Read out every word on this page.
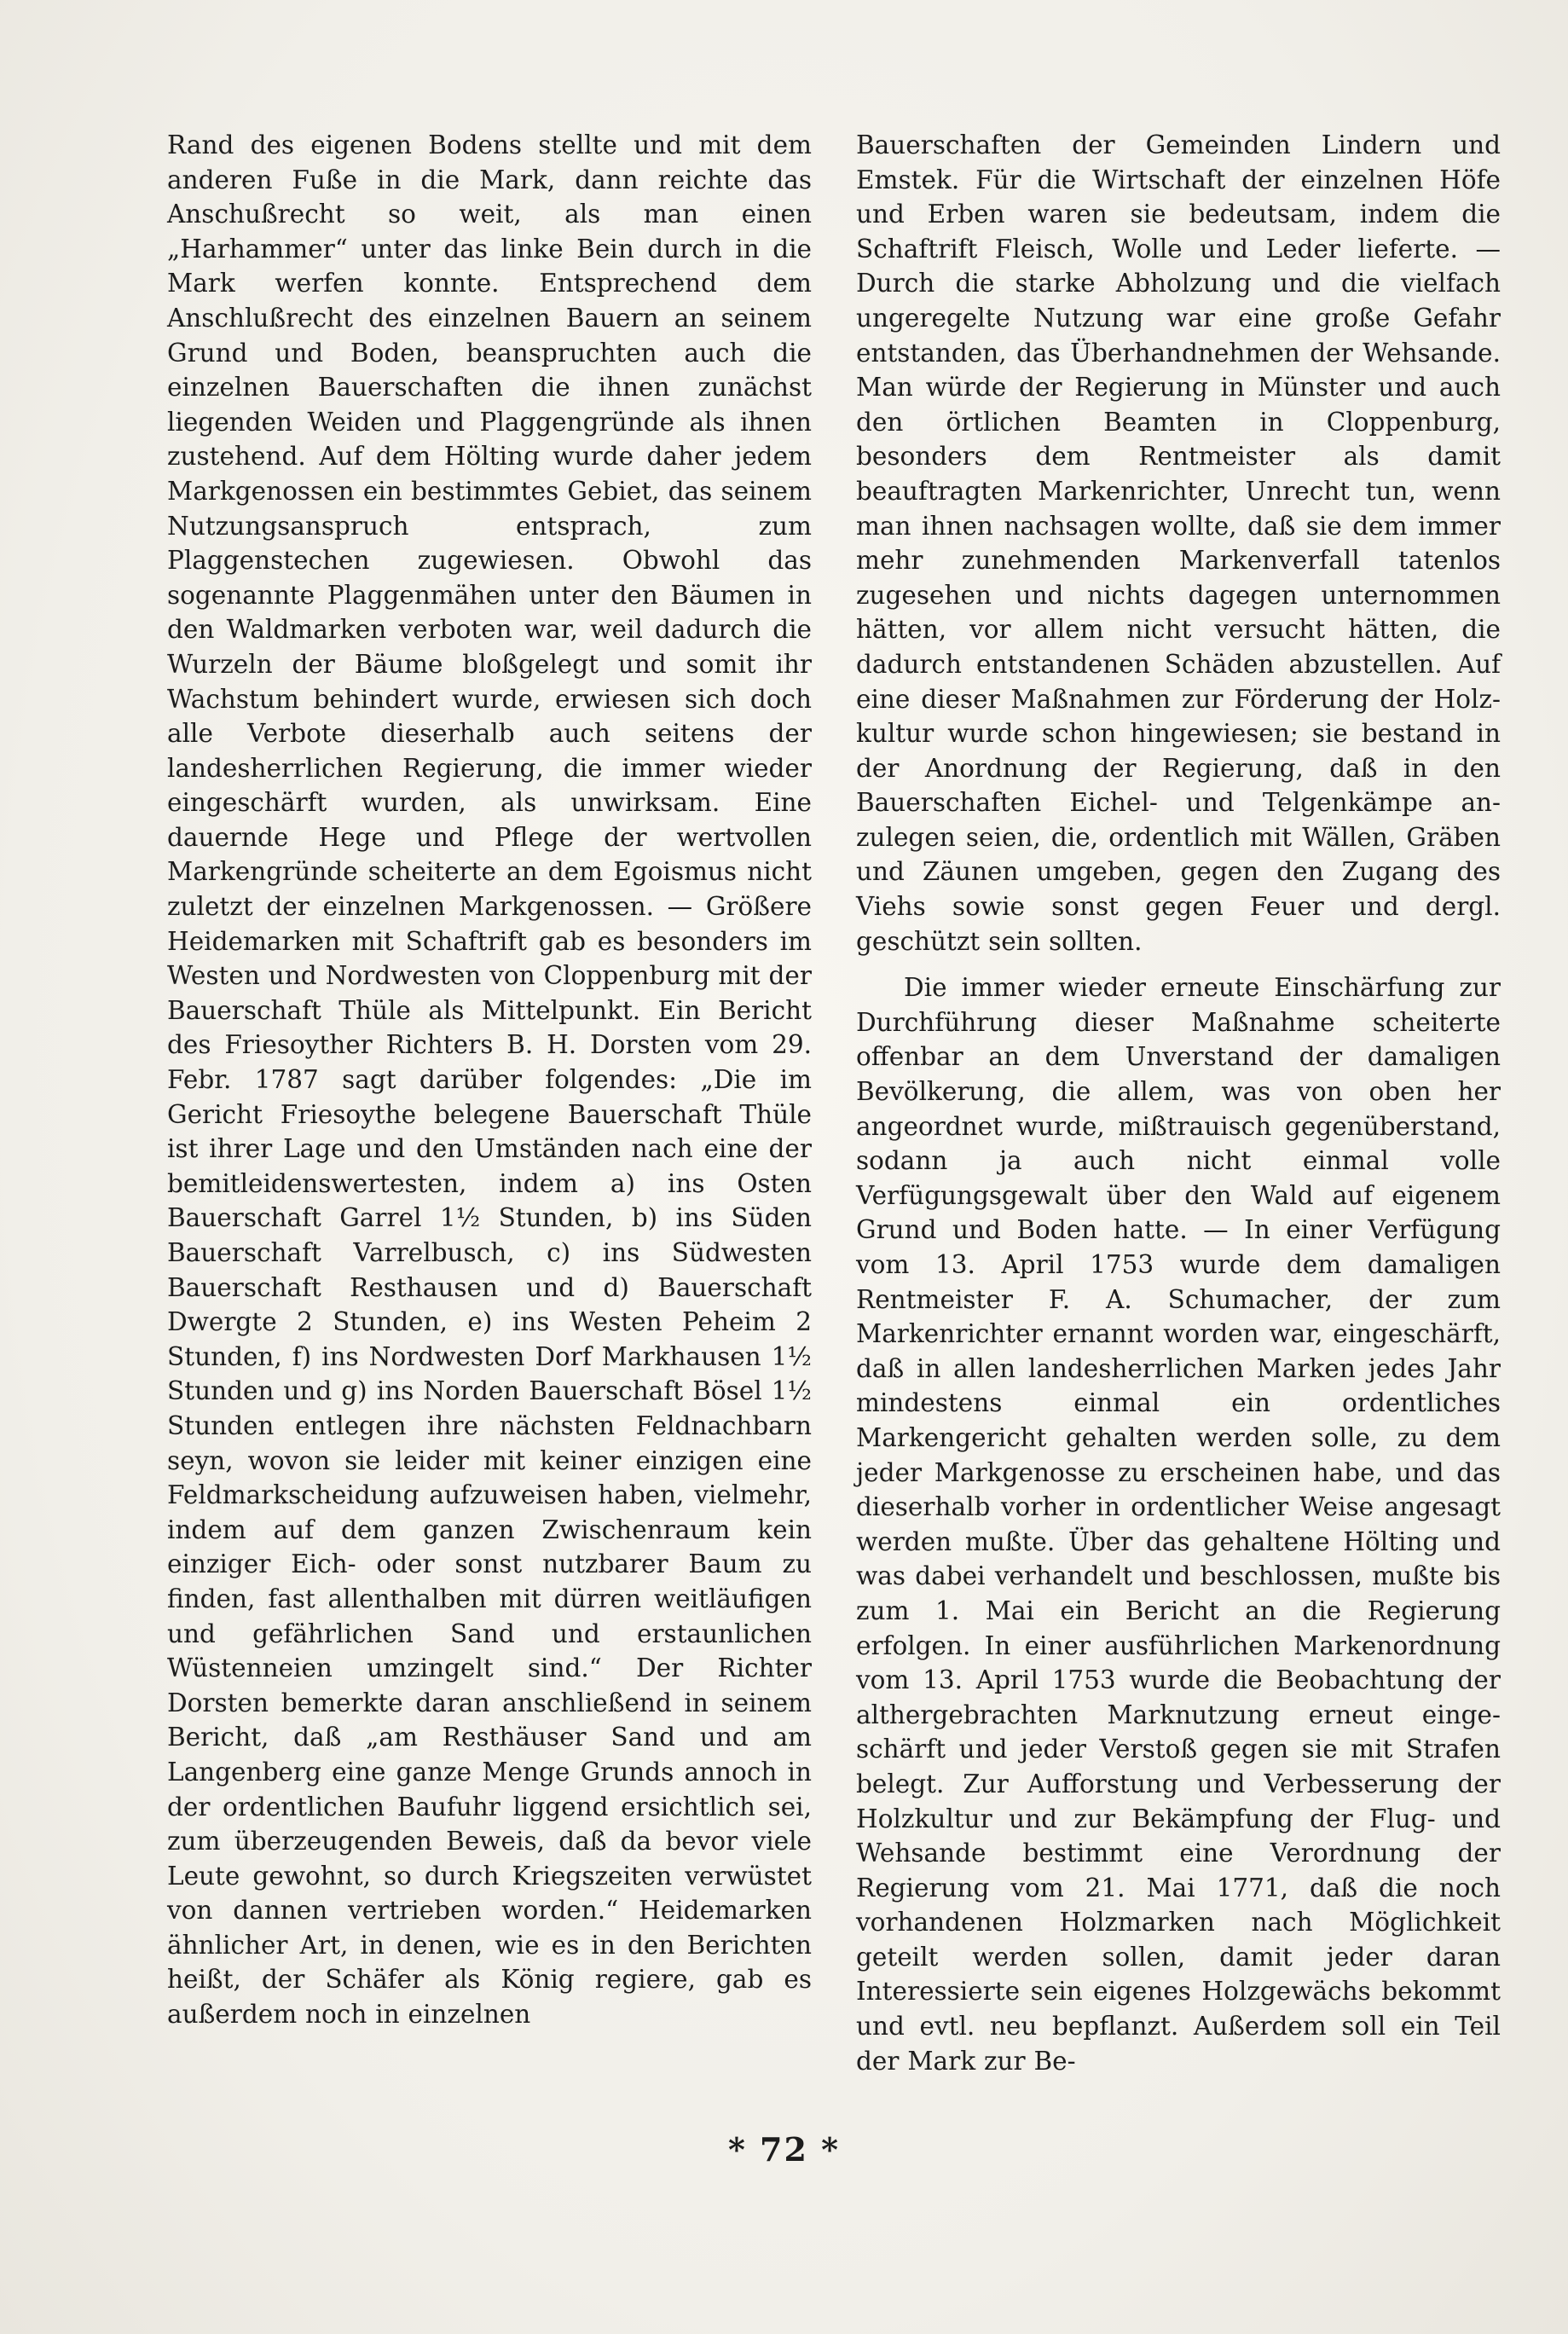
Rand des eigenen Bodens stellte und mit dem anderen Fuße in die Mark, dann reichte das Anschußrecht so weit, als man einen „Harhammer“ unter das linke Bein durch in die Mark werfen konnte. Entsprechend dem Anschlußrecht des einzelnen Bauern an seinem Grund und Boden, beanspruchten auch die einzelnen Bauerschaften die ihnen zunächst liegenden Weiden und Plaggengründe als ihnen zustehend. Auf dem Hölting wurde daher jedem Markgenossen ein bestimmtes Gebiet, das seinem Nutzungsanspruch entsprach, zum Plaggenstechen zugewiesen. Obwohl das sogenannte Plaggenmähen unter den Bäumen in den Waldmarken verboten war, weil dadurch die Wurzeln der Bäume bloßgelegt und somit ihr Wachstum behindert wurde, erwiesen sich doch alle Verbote dieserhalb auch seitens der landesherrlichen Regierung, die immer wieder eingeschärft wurden, als unwirksam. Eine dauernde Hege und Pflege der wertvollen Markengründe scheiterte an dem Egoismus nicht zuletzt der einzelnen Markgenossen. — Größere Heidemarken mit Schaftrift gab es besonders im Westen und Nordwesten von Cloppenburg mit der Bauerschaft Thüle als Mittelpunkt. Ein Bericht des Friesoyther Richters B. H. Dorsten vom 29. Febr. 1787 sagt darüber folgendes: „Die im Gericht Friesoythe belegene Bauerschaft Thüle ist ihrer Lage und den Umständen nach eine der bemitleidenswertesten, indem a) ins Osten Bauerschaft Garrel 1½ Stunden, b) ins Süden Bauerschaft Varrelbusch, c) ins Südwesten Bauerschaft Resthausen und d) Bauerschaft Dwergte 2 Stunden, e) ins Westen Peheim 2 Stunden, f) ins Nordwesten Dorf Markhausen 1½ Stunden und g) ins Norden Bauerschaft Bösel 1½ Stunden entlegen ihre nächsten Feldnachbarn seyn, wovon sie leider mit keiner einzigen eine Feldmarkscheidung aufzuweisen haben, vielmehr, indem auf dem ganzen Zwischenraum kein einziger Eich- oder sonst nutzbarer Baum zu finden, fast allenthalben mit dürren weitläufigen und gefährlichen Sand und erstaunlichen Wüstenneien umzingelt sind.“ Der Richter Dorsten bemerkte daran anschließend in seinem Bericht, daß „am Resthäuser Sand und am Langenberg eine ganze Menge Grunds annoch in der ordentlichen Baufuhr liggend ersichtlich sei, zum überzeugenden Beweis, daß da bevor viele Leute gewohnt, so durch Kriegszeiten verwüstet von dannen vertrieben worden.“ Heidemarken ähnlicher Art, in denen, wie es in den Berichten heißt, der Schäfer als König regiere, gab es außerdem noch in einzelnen

Bauerschaften der Gemeinden Lindern und Emstek. Für die Wirtschaft der einzelnen Höfe und Erben waren sie bedeutsam, indem die Schaftrift Fleisch, Wolle und Leder lieferte. — Durch die starke Abholzung und die vielfach ungeregelte Nutzung war eine große Gefahr entstanden, das Überhandnehmen der Wehsande. Man würde der Regierung in Münster und auch den örtlichen Beamten in Cloppenburg, besonders dem Rentmeister als damit beauftragten Markenrichter, Unrecht tun, wenn man ihnen nachsagen wollte, daß sie dem immer mehr zunehmenden Markenverfall tatenlos zugesehen und nichts dagegen unternommen hätten, vor allem nicht versucht hätten, die dadurch entstandenen Schäden abzustellen. Auf eine dieser Maßnahmen zur Förderung der Holzkultur wurde schon hingewiesen; sie bestand in der Anordnung der Regierung, daß in den Bauerschaften Eichel- und Telgenkämpe anzulegen seien, die, ordentlich mit Wällen, Gräben und Zäunen umgeben, gegen den Zugang des Viehs sowie sonst gegen Feuer und dergl. geschützt sein sollten.

Die immer wieder erneute Einschärfung zur Durchführung dieser Maßnahme scheiterte offenbar an dem Unverstand der damaligen Bevölkerung, die allem, was von oben her angeordnet wurde, mißtrauisch gegenüberstand, sodann ja auch nicht einmal volle Verfügungsgewalt über den Wald auf eigenem Grund und Boden hatte. — In einer Verfügung vom 13. April 1753 wurde dem damaligen Rentmeister F. A. Schumacher, der zum Markenrichter ernannt worden war, eingeschärft, daß in allen landesherrlichen Marken jedes Jahr mindestens einmal ein ordentliches Markengericht gehalten werden solle, zu dem jeder Markgenosse zu erscheinen habe, und das dieserhalb vorher in ordentlicher Weise angesagt werden mußte. Über das gehaltene Hölting und was dabei verhandelt und beschlossen, mußte bis zum 1. Mai ein Bericht an die Regierung erfolgen. In einer ausführlichen Markenordnung vom 13. April 1753 wurde die Beobachtung der althergebrachten Marknutzung erneut eingeschärft und jeder Verstoß gegen sie mit Strafen belegt. Zur Aufforstung und Verbesserung der Holzkultur und zur Bekämpfung der Flug- und Wehsande bestimmt eine Verordnung der Regierung vom 21. Mai 1771, daß die noch vorhandenen Holzmarken nach Möglichkeit geteilt werden sollen, damit jeder daran Interessierte sein eigenes Holzgewächs bekommt und evtl. neu bepflanzt. Außerdem soll ein Teil der Mark zur Be-

* 72 *
